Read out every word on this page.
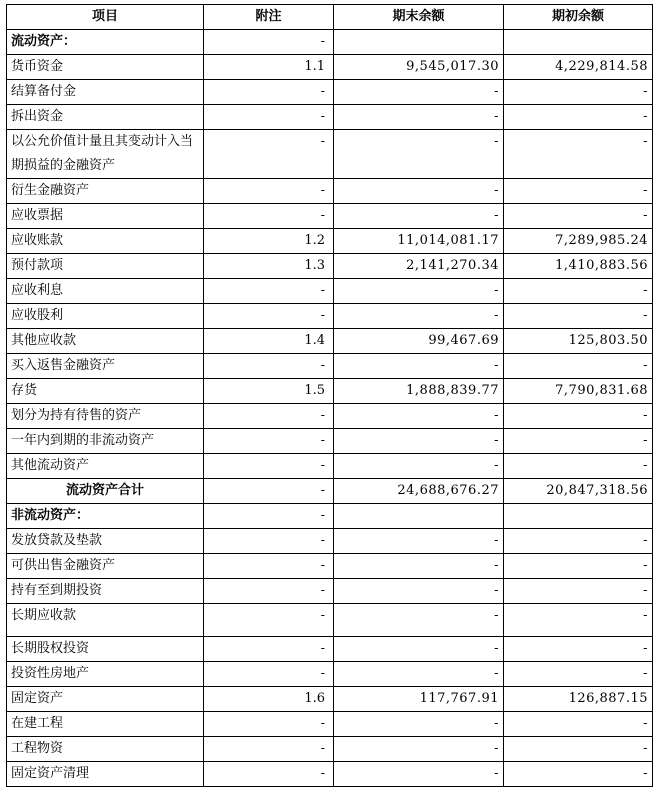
项目	附注	期末余额	期初余额
流动资产：	-		
货币资金	1.1	9,545,017.30	4,229,814.58
结算备付金	-	-	-
拆出资金	-	-	-
以公允价值计量且其变动计入当期损益的金融资产	-	-	-
衍生金融资产	-	-	-
应收票据	-	-	-
应收账款	1.2	11,014,081.17	7,289,985.24
预付款项	1.3	2,141,270.34	1,410,883.56
应收利息	-	-	-
应收股利	-	-	-
其他应收款	1.4	99,467.69	125,803.50
买入返售金融资产	-	-	-
存货	1.5	1,888,839.77	7,790,831.68
划分为持有待售的资产	-	-	-
一年内到期的非流动资产	-	-	-
其他流动资产	-	-	-
流动资产合计	-	24,688,676.27	20,847,318.56
非流动资产：	-		
发放贷款及垫款	-	-	-
可供出售金融资产	-	-	-
持有至到期投资	-	-	-
长期应收款	-	-	-
长期股权投资	-	-	-
投资性房地产	-	-	-
固定资产	1.6	117,767.91	126,887.15
在建工程	-	-	-
工程物资	-	-	-
固定资产清理	-	-	-
